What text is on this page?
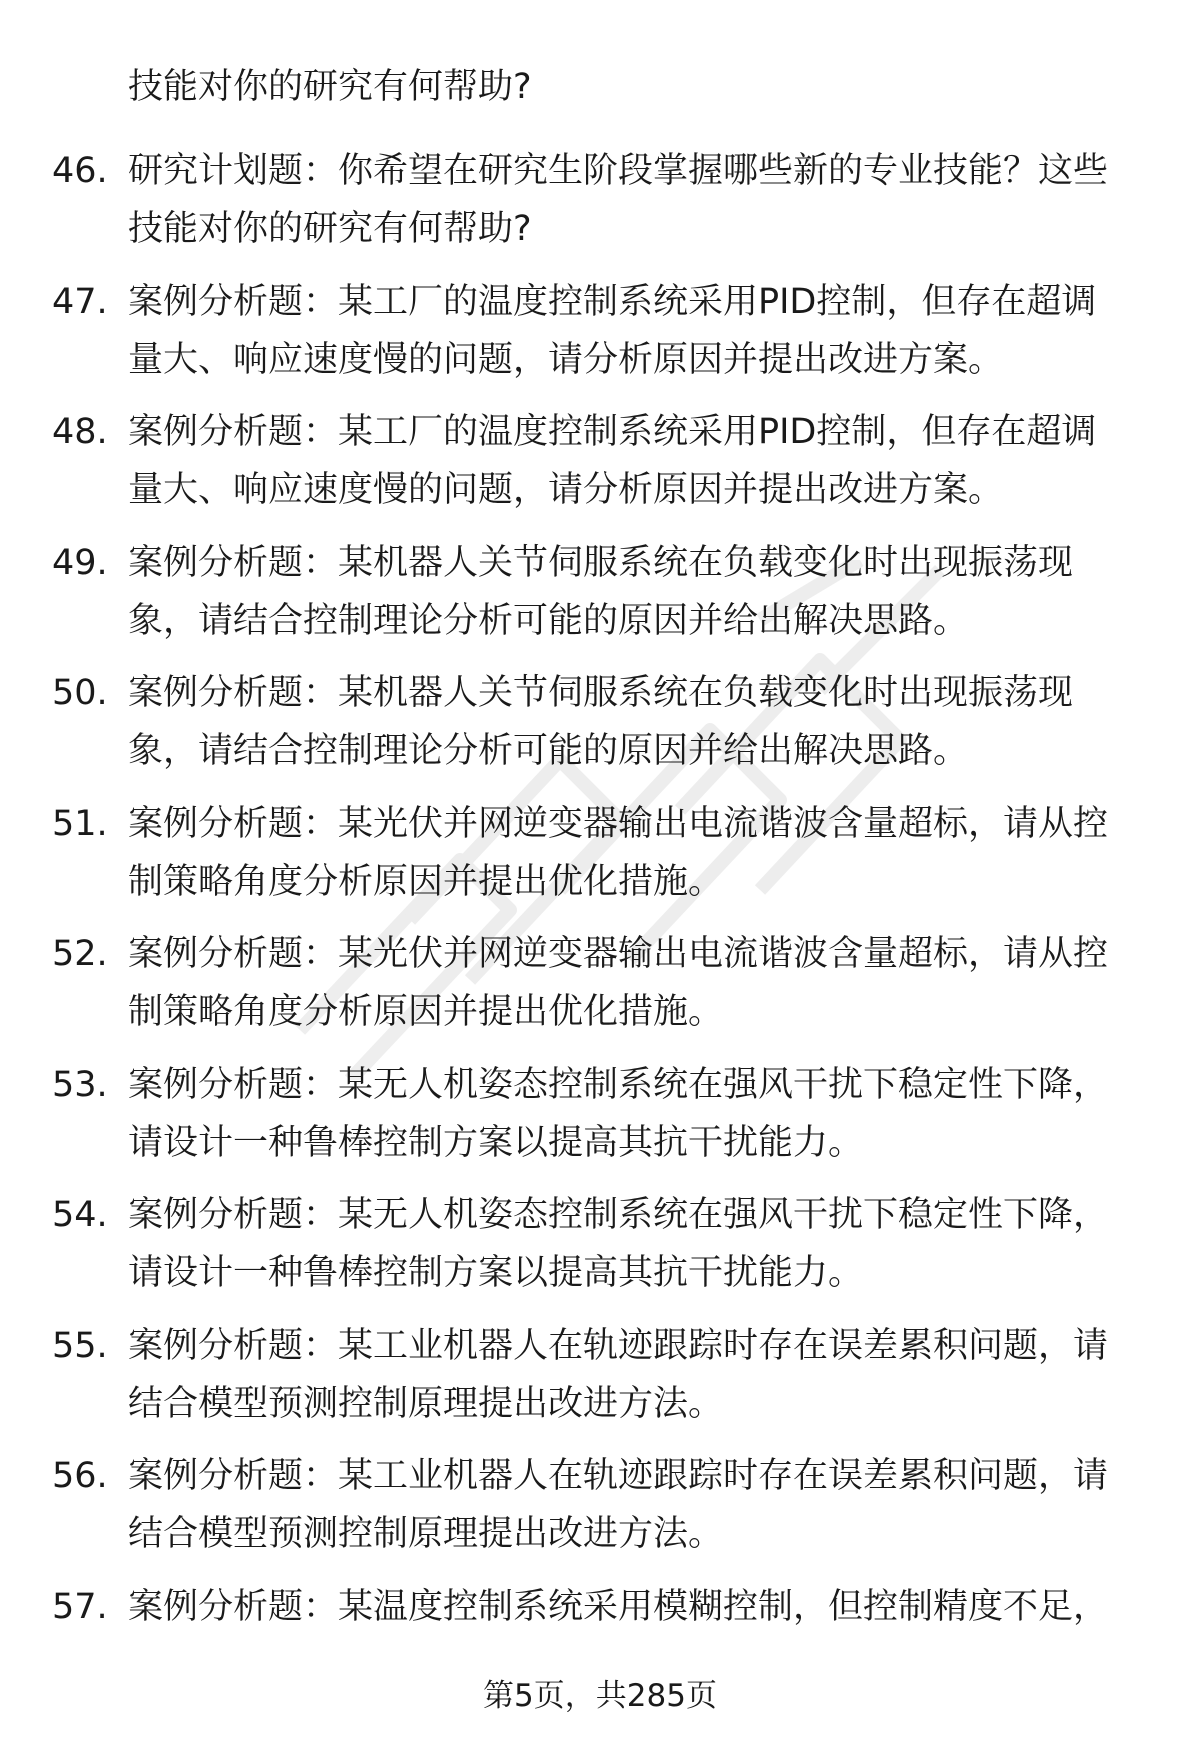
技能对你的研究有何帮助?
46. 研究计划题：你希望在研究生阶段掌握哪些新的专业技能？这些
技能对你的研究有何帮助?
47. 案例分析题：某工厂的温度控制系统采用PID控制，但存在超调
量大、响应速度慢的问题，请分析原因并提出改进方案。
48. 案例分析题：某工厂的温度控制系统采用PID控制，但存在超调
量大、响应速度慢的问题，请分析原因并提出改进方案。
49. 案例分析题：某机器人关节伺服系统在负载变化时出现振荡现
象，请结合控制理论分析可能的原因并给出解决思路。
50. 案例分析题：某机器人关节伺服系统在负载变化时出现振荡现
象，请结合控制理论分析可能的原因并给出解决思路。
51. 案例分析题：某光伏并网逆变器输出电流谐波含量超标，请从控
制策略角度分析原因并提出优化措施。
52. 案例分析题：某光伏并网逆变器输出电流谐波含量超标，请从控
制策略角度分析原因并提出优化措施。
53. 案例分析题：某无人机姿态控制系统在强风干扰下稳定性下降，
请设计一种鲁棒控制方案以提高其抗干扰能力。
54. 案例分析题：某无人机姿态控制系统在强风干扰下稳定性下降，
请设计一种鲁棒控制方案以提高其抗干扰能力。
55. 案例分析题：某工业机器人在轨迹跟踪时存在误差累积问题，请
结合模型预测控制原理提出改进方法。
56. 案例分析题：某工业机器人在轨迹跟踪时存在误差累积问题，请
结合模型预测控制原理提出改进方法。
57. 案例分析题：某温度控制系统采用模糊控制，但控制精度不足，
第5页，共285页
